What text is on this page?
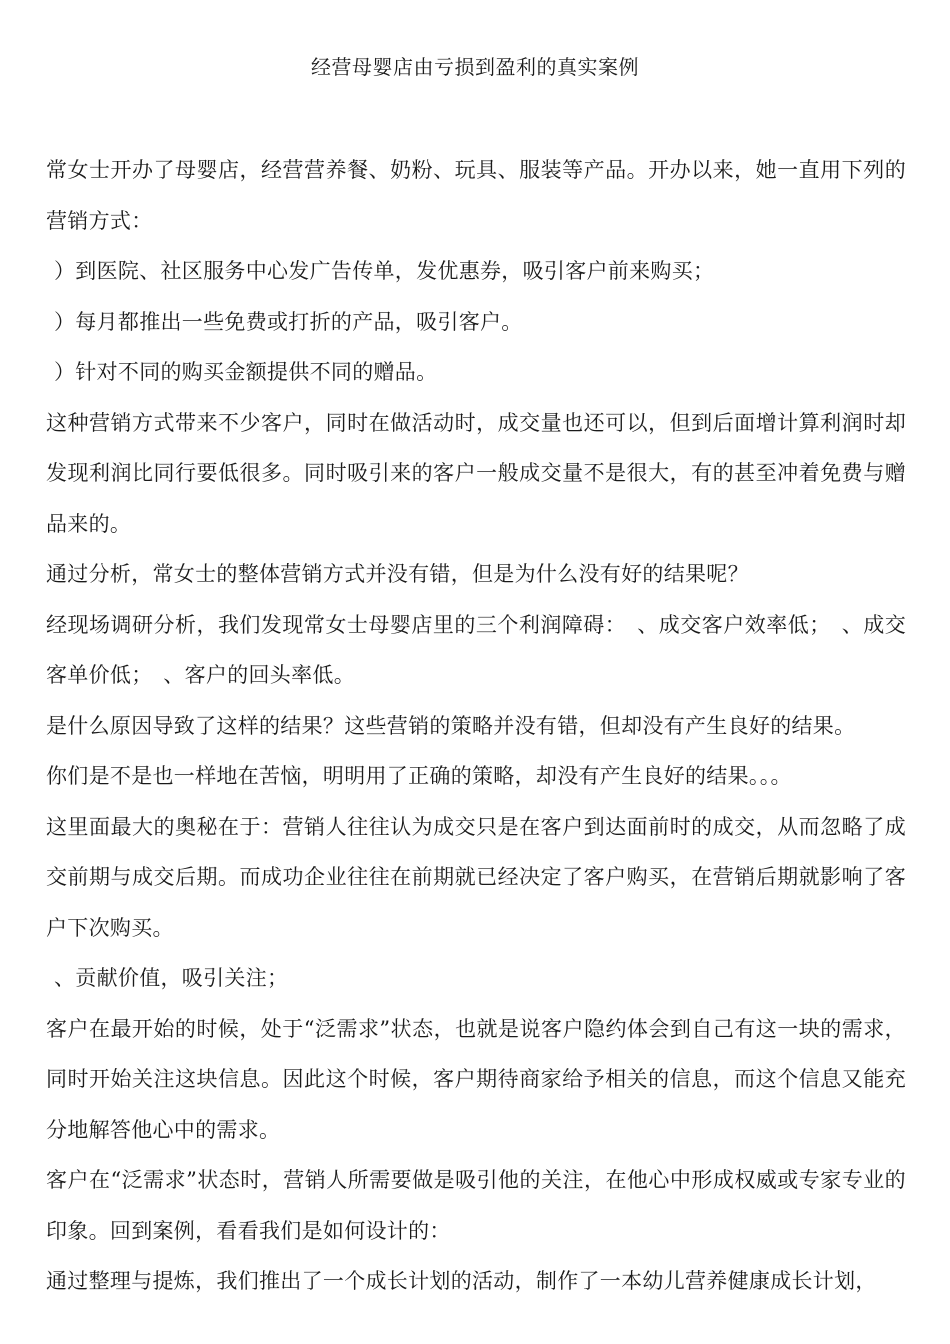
经营母婴店由亏损到盈利的真实案例

常女士开办了母婴店，经营营养餐、奶粉、玩具、服装等产品。开办以来，她一直用下列的营销方式：

）到医院、社区服务中心发广告传单，发优惠券，吸引客户前来购买；

）每月都推出一些免费或打折的产品，吸引客户。

）针对不同的购买金额提供不同的赠品。

这种营销方式带来不少客户，同时在做活动时，成交量也还可以，但到后面增计算利润时却发现利润比同行要低很多。同时吸引来的客户一般成交量不是很大，有的甚至冲着免费与赠品来的。

通过分析，常女士的整体营销方式并没有错，但是为什么没有好的结果呢？

经现场调研分析，我们发现常女士母婴店里的三个利润障碍：　、成交客户效率低；　、成交客单价低；　、客户的回头率低。

是什么原因导致了这样的结果？这些营销的策略并没有错，但却没有产生良好的结果。

你们是不是也一样地在苦恼，明明用了正确的策略，却没有产生良好的结果。。。

这里面最大的奥秘在于：营销人往往认为成交只是在客户到达面前时的成交，从而忽略了成交前期与成交后期。而成功企业往往在前期就已经决定了客户购买，在营销后期就影响了客户下次购买。

、贡献价值，吸引关注；

客户在最开始的时候，处于“泛需求”状态，也就是说客户隐约体会到自己有这一块的需求，同时开始关注这块信息。因此这个时候，客户期待商家给予相关的信息，而这个信息又能充分地解答他心中的需求。

客户在“泛需求”状态时，营销人所需要做是吸引他的关注，在他心中形成权威或专家专业的印象。回到案例，看看我们是如何设计的：

通过整理与提炼，我们推出了一个成长计划的活动，制作了一本幼儿营养健康成长计划，
